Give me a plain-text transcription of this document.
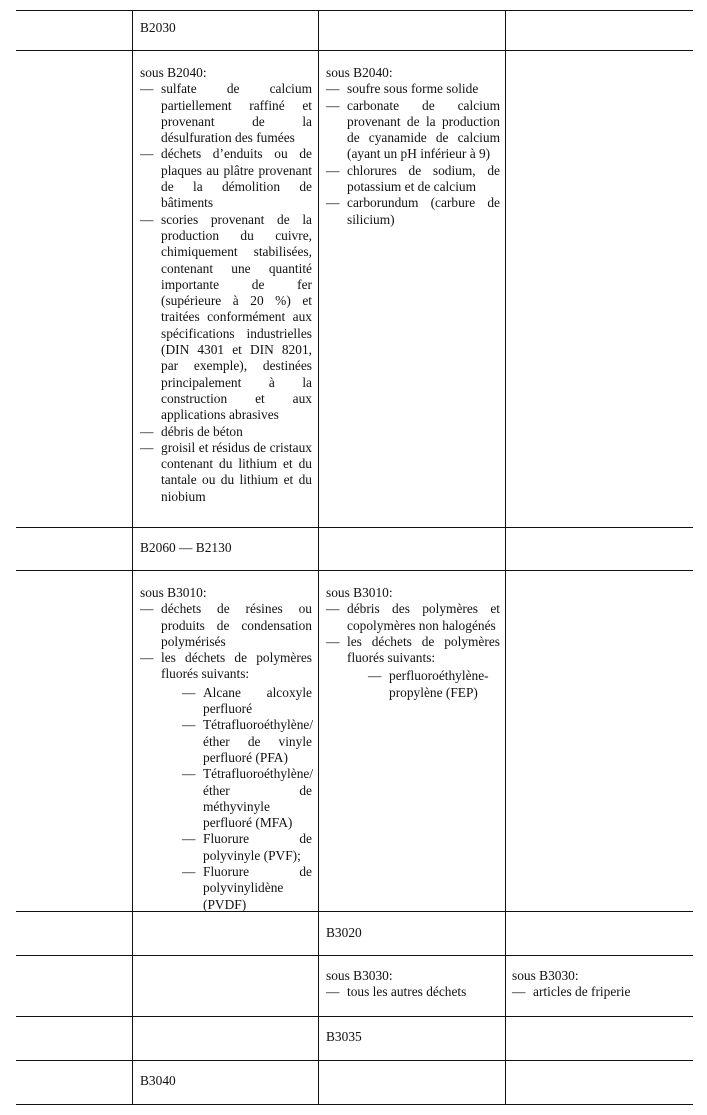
B2030
sous B2040:
— sulfate de calcium partiellement raffiné et provenant de la désulfuration des fumées
— déchets d’enduits ou de plaques au plâtre provenant de la démolition de bâtiments
— scories provenant de la production du cuivre, chimiquement stabilisées, contenant une quantité importante de fer (supérieure à 20 %) et traitées conformément aux spécifications industrielles (DIN 4301 et DIN 8201, par exemple), destinées principalement à la construction et aux applications abrasives
— débris de béton
— groisil et résidus de cristaux contenant du lithium et du tantale ou du lithium et du niobium
sous B2040:
— soufre sous forme solide
— carbonate de calcium provenant de la production de cyanamide de calcium (ayant un pH inférieur à 9)
— chlorures de sodium, de potassium et de calcium
— carborundum (carbure de silicium)
B2060 — B2130
sous B3010:
— déchets de résines ou produits de condensation polymérisés
— les déchets de polymères fluorés suivants:
— Alcane alcoxyle perfluoré
— Tétrafluoroéthylène/ éther de vinyle perfluoré (PFA)
— Tétrafluoroéthylène/ éther de méthyvinyle perfluoré (MFA)
— Fluorure de polyvinyle (PVF);
— Fluorure de polyvinylidène (PVDF)
sous B3010:
— débris des polymères et copolymères non halogénés
— les déchets de polymères fluorés suivants:
— perfluoroéthylène-propylène (FEP)
B3020
sous B3030:
— tous les autres déchets
sous B3030:
— articles de friperie
B3035
B3040
